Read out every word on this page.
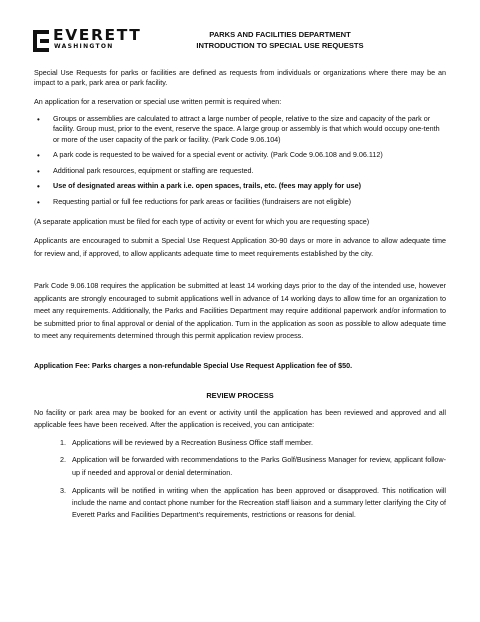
EVERETT
WASHINGTON
PARKS AND FACILITIES DEPARTMENT
INTRODUCTION TO SPECIAL USE REQUESTS

Special Use Requests for parks or facilities are defined as requests from individuals or organizations where there may be an impact to a park, park area or park facility.

An application for a reservation or special use written permit is required when:

• Groups or assemblies are calculated to attract a large number of people, relative to the size and capacity of the park or facility. Group must, prior to the event, reserve the space. A large group or assembly is that which would occupy one-tenth or more of the user capacity of the park or facility. (Park Code 9.06.104)
• A park code is requested to be waived for a special event or activity. (Park Code 9.06.108 and 9.06.112)
• Additional park resources, equipment or staffing are requested.
• Use of designated areas within a park i.e. open spaces, trails, etc. (fees may apply for use)
• Requesting partial or full fee reductions for park areas or facilities (fundraisers are not eligible)

(A separate application must be filed for each type of activity or event for which you are requesting space)

Applicants are encouraged to submit a Special Use Request Application 30-90 days or more in advance to allow adequate time for review and, if approved, to allow applicants adequate time to meet requirements established by the city.

Park Code 9.06.108 requires the application be submitted at least 14 working days prior to the day of the intended use, however applicants are strongly encouraged to submit applications well in advance of 14 working days to allow time for an organization to meet any requirements. Additionally, the Parks and Facilities Department may require additional paperwork and/or information to be submitted prior to final approval or denial of the application. Turn in the application as soon as possible to allow adequate time to meet any requirements determined through this permit application review process.

Application Fee: Parks charges a non-refundable Special Use Request Application fee of $50.

REVIEW PROCESS

No facility or park area may be booked for an event or activity until the application has been reviewed and approved and all applicable fees have been received. After the application is received, you can anticipate:

1. Applications will be reviewed by a Recreation Business Office staff member.
2. Application will be forwarded with recommendations to the Parks Golf/Business Manager for review, applicant follow-up if needed and approval or denial determination.
3. Applicants will be notified in writing when the application has been approved or disapproved. This notification will include the name and contact phone number for the Recreation staff liaison and a summary letter clarifying the City of Everett Parks and Facilities Department’s requirements, restrictions or reasons for denial.
